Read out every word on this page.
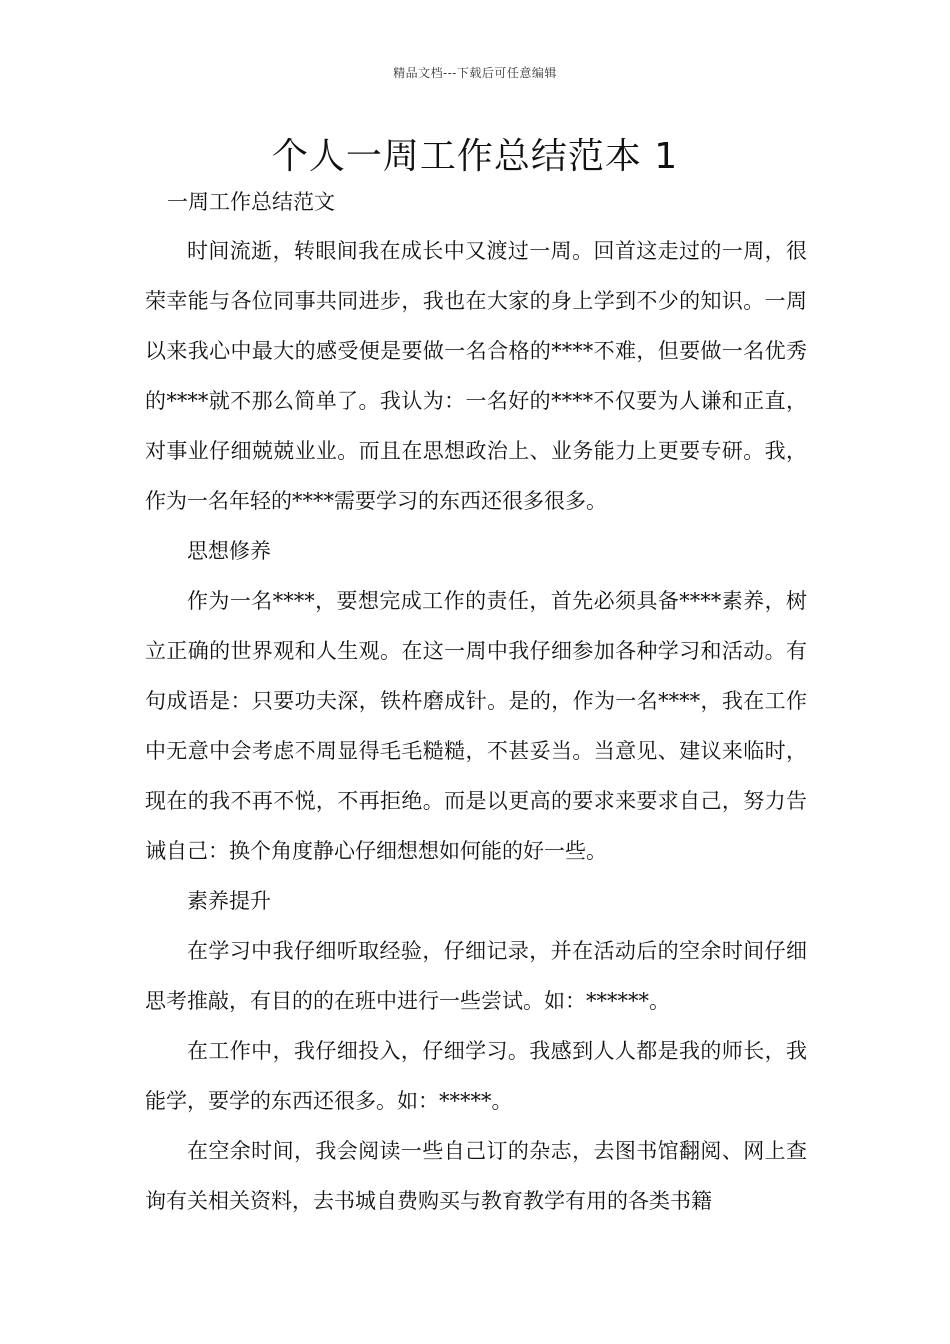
精品文档---下载后可任意编辑
个人一周工作总结范本 1
一周工作总结范文

时间流逝，转眼间我在成长中又渡过一周。回首这走过的一周，很荣幸能与各位同事共同进步，我也在大家的身上学到不少的知识。一周以来我心中最大的感受便是要做一名合格的****不难，但要做一名优秀的****就不那么简单了。我认为：一名好的****不仅要为人谦和正直，对事业仔细兢兢业业。而且在思想政治上、业务能力上更要专研。我，作为一名年轻的****需要学习的东西还很多很多。

思想修养

作为一名****，要想完成工作的责任，首先必须具备****素养，树立正确的世界观和人生观。在这一周中我仔细参加各种学习和活动。有句成语是：只要功夫深，铁杵磨成针。是的，作为一名****，我在工作中无意中会考虑不周显得毛毛糙糙，不甚妥当。当意见、建议来临时，现在的我不再不悦，不再拒绝。而是以更高的要求来要求自己，努力告诫自己：换个角度静心仔细想想如何能的好一些。

素养提升

在学习中我仔细听取经验，仔细记录，并在活动后的空余时间仔细思考推敲，有目的的在班中进行一些尝试。如：******。

在工作中，我仔细投入，仔细学习。我感到人人都是我的师长，我能学，要学的东西还很多。如：*****。

在空余时间，我会阅读一些自己订的杂志，去图书馆翻阅、网上查询有关相关资料，去书城自费购买与教育教学有用的各类书籍
